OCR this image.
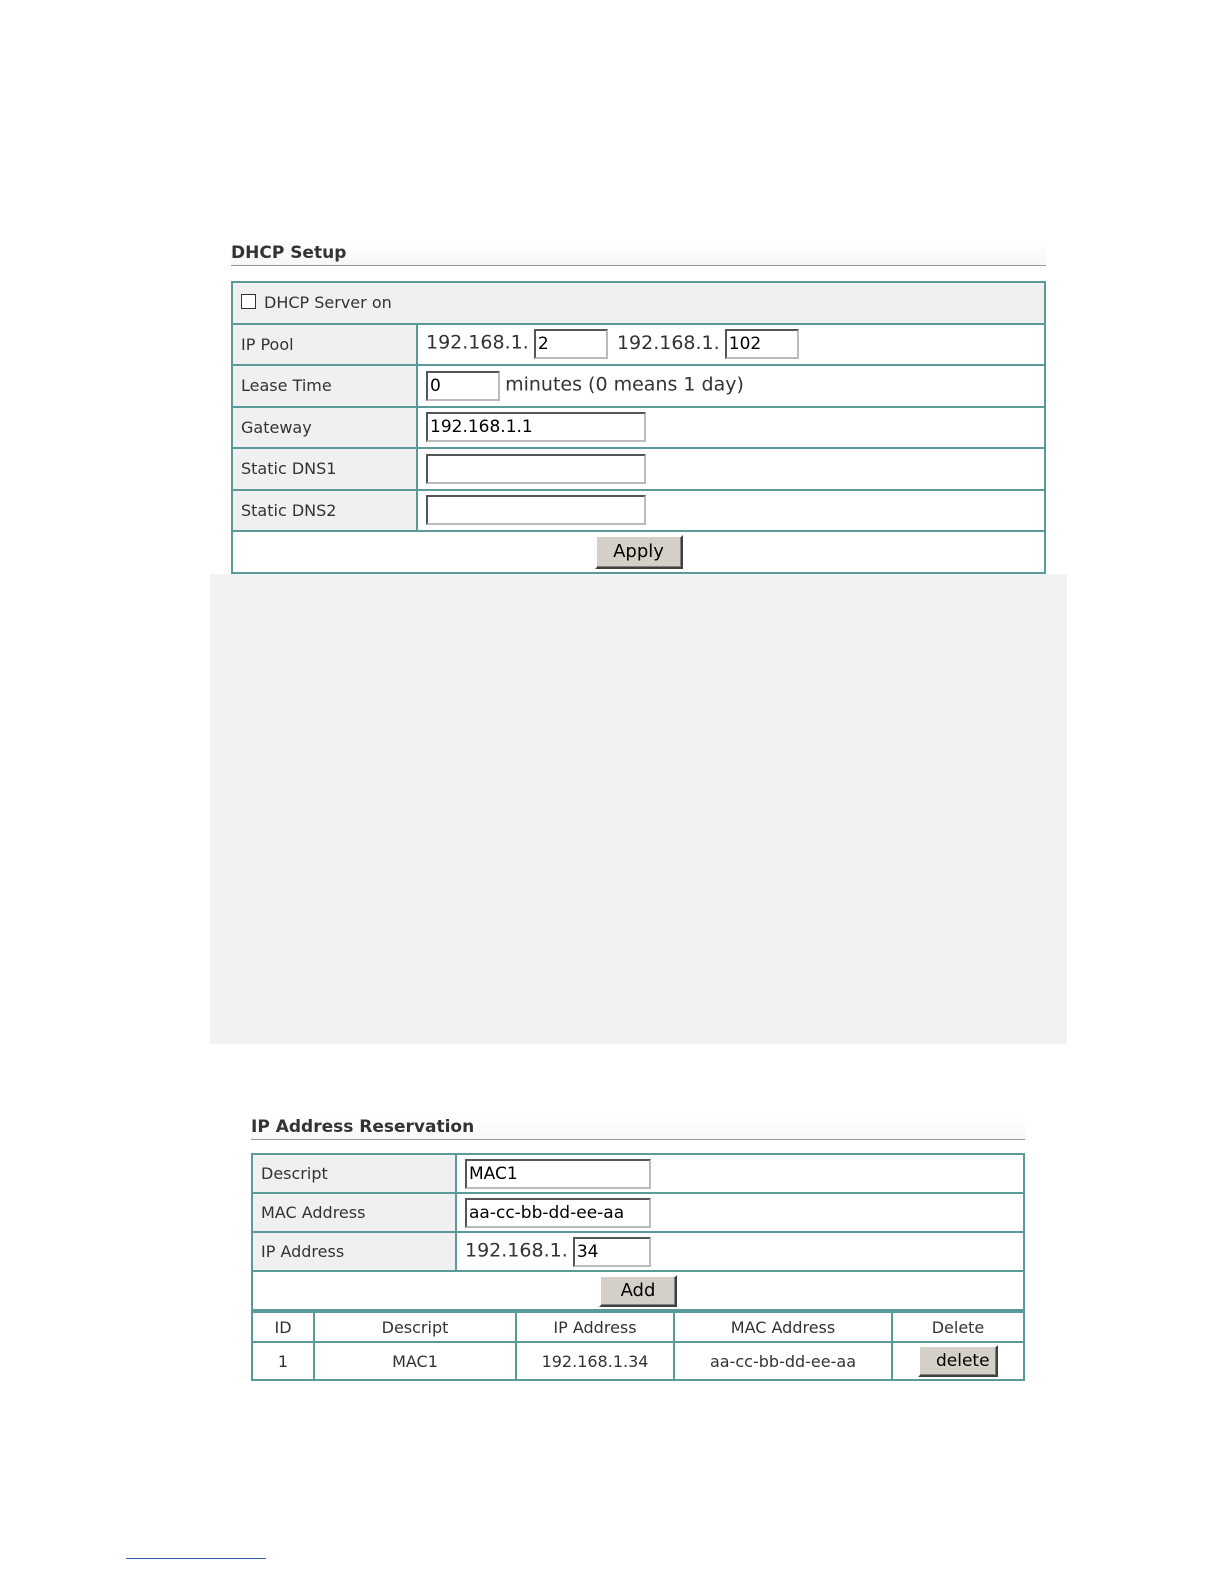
DHCP Setup
DHCP Server on	
IP Pool	192.168.1. 2 192.168.1. 102
Lease Time	0minutes (0 means 1 day)
Gateway	192.168.1.1
Static DNS1	
Static DNS2	
Apply	
IP Address Reservation
Descript	MAC1
MAC Address	aa-cc-bb-dd-ee-aa
IP Address	192.168.1. 34
Add	
ID	Descript	IP Address	MAC Address	Delete
1	MAC1	192.168.1.34	aa-cc-bb-dd-ee-aa	delete
